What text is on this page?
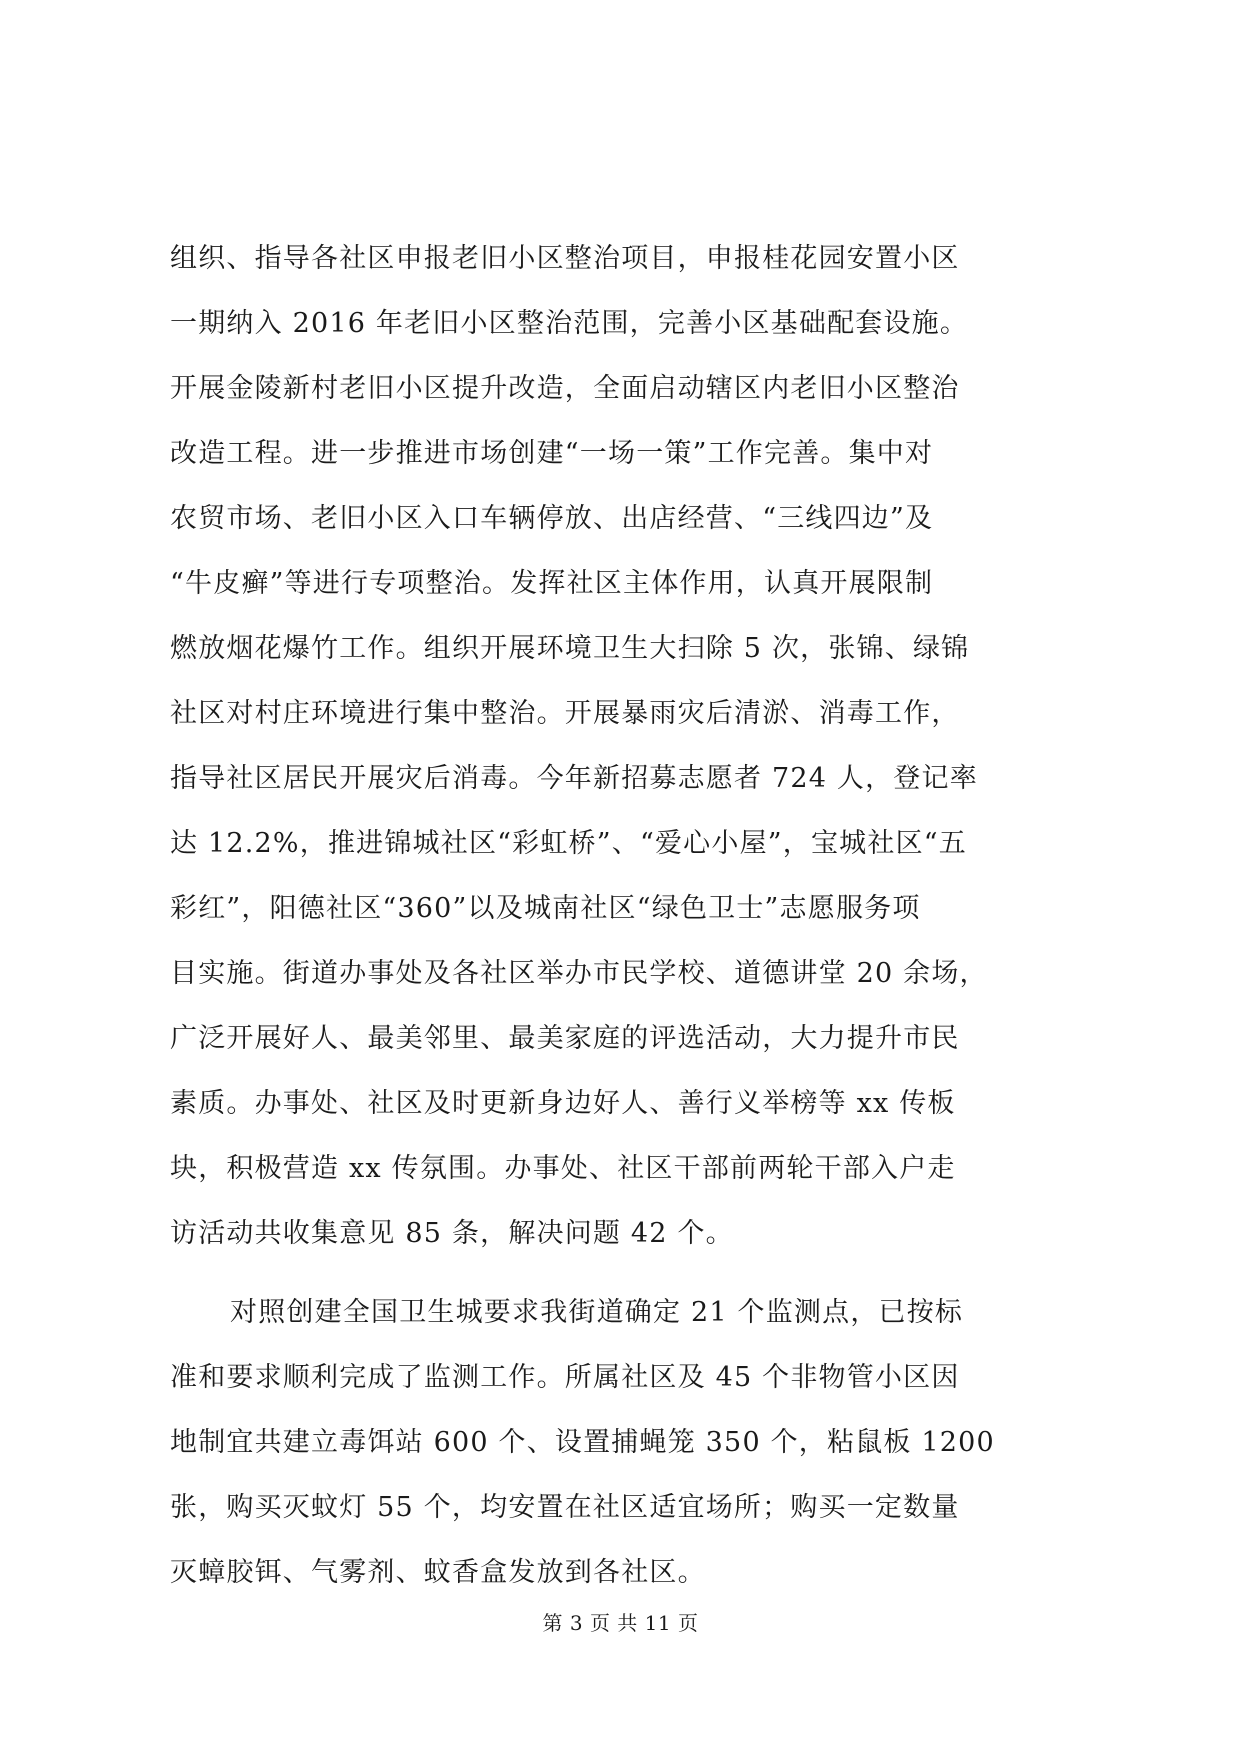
组织、指导各社区申报老旧小区整治项目，申报桂花园安置小区
一期纳入 2016 年老旧小区整治范围，完善小区基础配套设施。
开展金陵新村老旧小区提升改造，全面启动辖区内老旧小区整治
改造工程。进一步推进市场创建“一场一策”工作完善。集中对
农贸市场、老旧小区入口车辆停放、出店经营、“三线四边”及
“牛皮癣”等进行专项整治。发挥社区主体作用，认真开展限制
燃放烟花爆竹工作。组织开展环境卫生大扫除 5 次，张锦、绿锦
社区对村庄环境进行集中整治。开展暴雨灾后清淤、消毒工作，
指导社区居民开展灾后消毒。今年新招募志愿者 724 人，登记率
达 12.2%，推进锦城社区“彩虹桥”、“爱心小屋”，宝城社区“五
彩红”，阳德社区“360”以及城南社区“绿色卫士”志愿服务项
目实施。街道办事处及各社区举办市民学校、道德讲堂 20 余场，
广泛开展好人、最美邻里、最美家庭的评选活动，大力提升市民
素质。办事处、社区及时更新身边好人、善行义举榜等 xx 传板
块，积极营造 xx 传氛围。办事处、社区干部前两轮干部入户走
访活动共收集意见 85 条，解决问题 42 个。
对照创建全国卫生城要求我街道确定 21 个监测点，已按标
准和要求顺利完成了监测工作。所属社区及 45 个非物管小区因
地制宜共建立毒饵站 600 个、设置捕蝇笼 350 个，粘鼠板 1200
张，购买灭蚊灯 55 个，均安置在社区适宜场所；购买一定数量
灭蟑胶铒、气雾剂、蚊香盒发放到各社区。
第 3 页 共 11 页
